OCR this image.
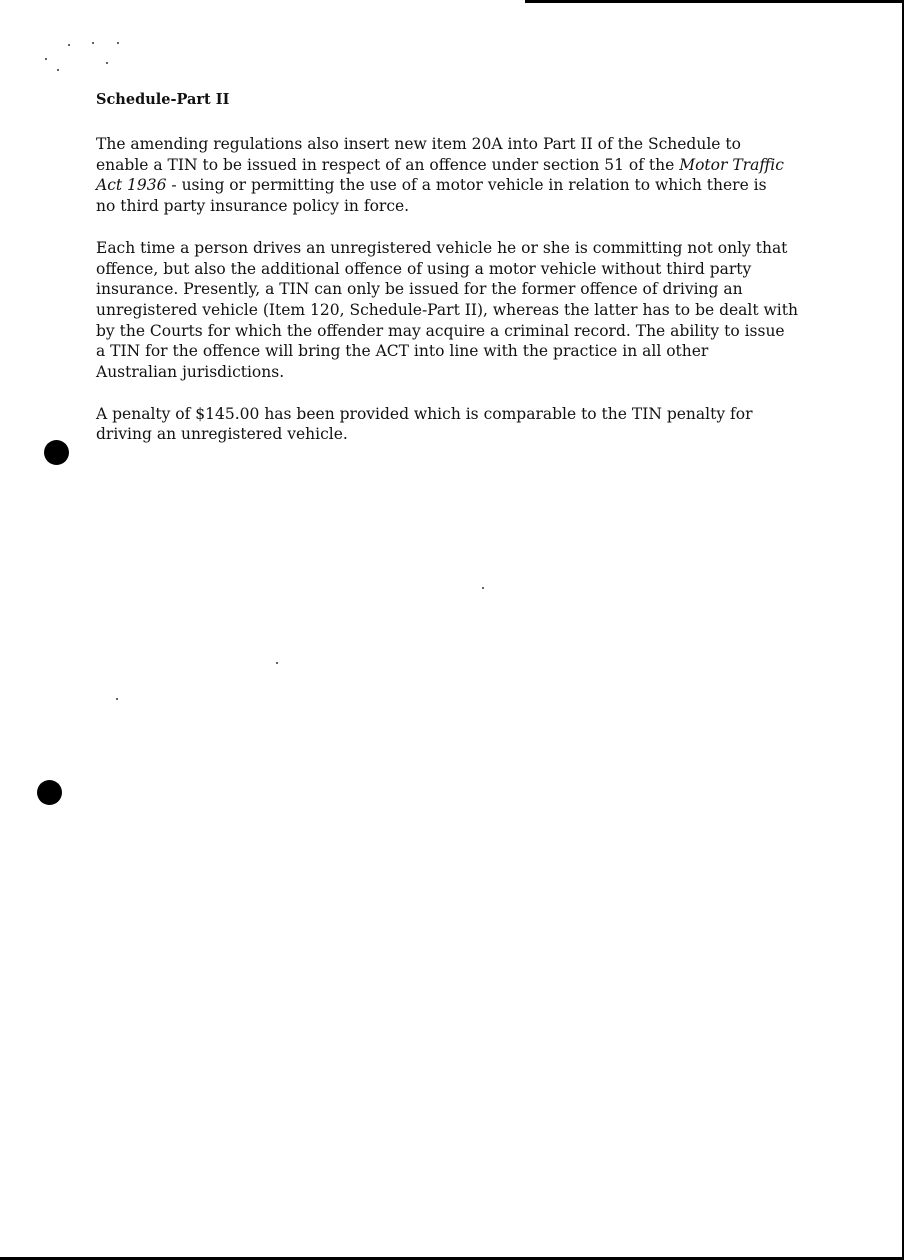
Schedule-Part II

The amending regulations also insert new item 20A into Part II of the Schedule to
enable a TIN to be issued in respect of an offence under section 51 of the Motor Traffic
Act 1936 - using or permitting the use of a motor vehicle in relation to which there is
no third party insurance policy in force.

Each time a person drives an unregistered vehicle he or she is committing not only that
offence, but also the additional offence of using a motor vehicle without third party
insurance. Presently, a TIN can only be issued for the former offence of driving an
unregistered vehicle (Item 120, Schedule-Part II), whereas the latter has to be dealt with
by the Courts for which the offender may acquire a criminal record. The ability to issue
a TIN for the offence will bring the ACT into line with the practice in all other
Australian jurisdictions.

A penalty of $145.00 has been provided which is comparable to the TIN penalty for
driving an unregistered vehicle.
